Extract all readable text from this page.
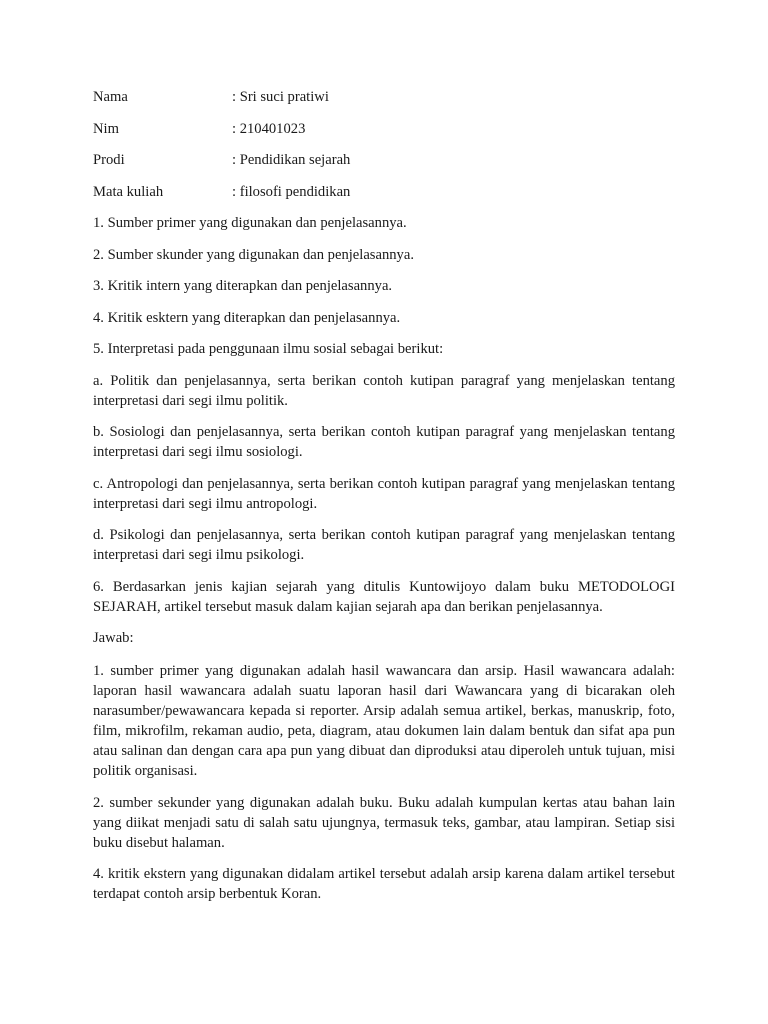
Nama	: Sri suci pratiwi
Nim	: 210401023
Prodi	: Pendidikan sejarah
Mata kuliah	: filosofi pendidikan

1. Sumber primer yang digunakan dan penjelasannya.

2. Sumber skunder yang digunakan dan penjelasannya.

3. Kritik intern yang diterapkan dan penjelasannya.

4. Kritik esktern yang diterapkan dan penjelasannya.

5. Interpretasi pada penggunaan ilmu sosial sebagai berikut:

a. Politik dan penjelasannya, serta berikan contoh kutipan paragraf yang menjelaskan tentang interpretasi dari segi ilmu politik.

b. Sosiologi dan penjelasannya, serta berikan contoh kutipan paragraf yang menjelaskan tentang interpretasi dari segi ilmu sosiologi.

c. Antropologi dan penjelasannya, serta berikan contoh kutipan paragraf yang menjelaskan tentang interpretasi dari segi ilmu antropologi.

d. Psikologi dan penjelasannya, serta berikan contoh kutipan paragraf yang menjelaskan tentang interpretasi dari segi ilmu psikologi.

6. Berdasarkan jenis kajian sejarah yang ditulis Kuntowijoyo dalam buku METODOLOGI SEJARAH, artikel tersebut masuk dalam kajian sejarah apa dan berikan penjelasannya.

Jawab:

1. sumber primer yang digunakan adalah hasil wawancara dan arsip. Hasil wawancara adalah: laporan hasil wawancara adalah suatu laporan hasil dari Wawancara yang di bicarakan oleh narasumber/pewawancara kepada si reporter. Arsip adalah semua artikel, berkas, manuskrip, foto, film, mikrofilm, rekaman audio, peta, diagram, atau dokumen lain dalam bentuk dan sifat apa pun atau salinan dan dengan cara apa pun yang dibuat dan diproduksi atau diperoleh untuk tujuan, misi politik organisasi.

2. sumber sekunder yang digunakan adalah buku. Buku adalah kumpulan kertas atau bahan lain yang diikat menjadi satu di salah satu ujungnya, termasuk teks, gambar, atau lampiran. Setiap sisi buku disebut halaman.

4. kritik ekstern yang digunakan didalam artikel tersebut adalah arsip karena dalam artikel tersebut terdapat contoh arsip berbentuk Koran.
